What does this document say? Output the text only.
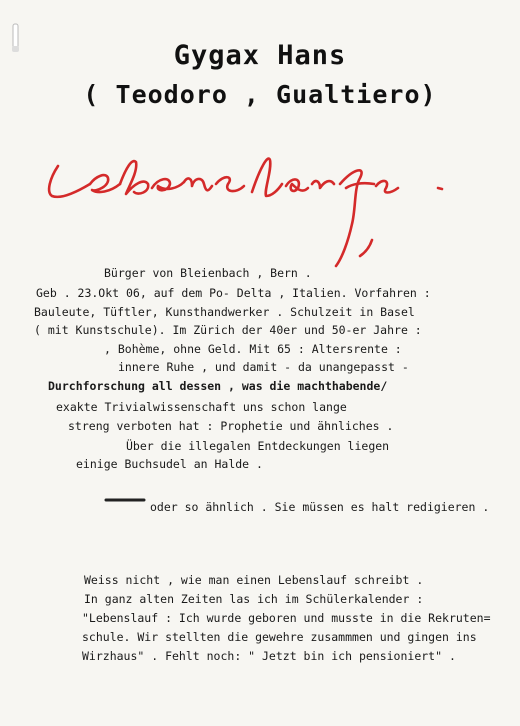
Gygax Hans
( Teodoro , Gualtiero)
Bürger von Bleienbach , Bern .
Geb . 23.Okt 06, auf dem Po- Delta , Italien. Vorfahren :
Bauleute, Tüftler, Kunsthandwerker . Schulzeit in Basel
( mit Kunstschule). Im Zürich der 40er und 50-er Jahre :
, Bohème, ohne Geld. Mit 65 : Altersrente :
innere Ruhe , und damit - da unangepasst -
Durchforschung all dessen , was die machthabende/
exakte Trivialwissenschaft uns schon lange
streng verboten hat : Prophetie und ähnliches .
Über die illegalen Entdeckungen liegen
einige Buchsudel an Halde .
oder so ähnlich . Sie müssen es halt redigieren .
Weiss nicht , wie man einen Lebenslauf schreibt .
In ganz alten Zeiten las ich im Schülerkalender :
"Lebenslauf : Ich wurde geboren und musste in die Rekruten=
schule. Wir stellten die gewehre zusammmen und gingen ins
Wirzhaus" . Fehlt noch: " Jetzt bin ich pensioniert" .
